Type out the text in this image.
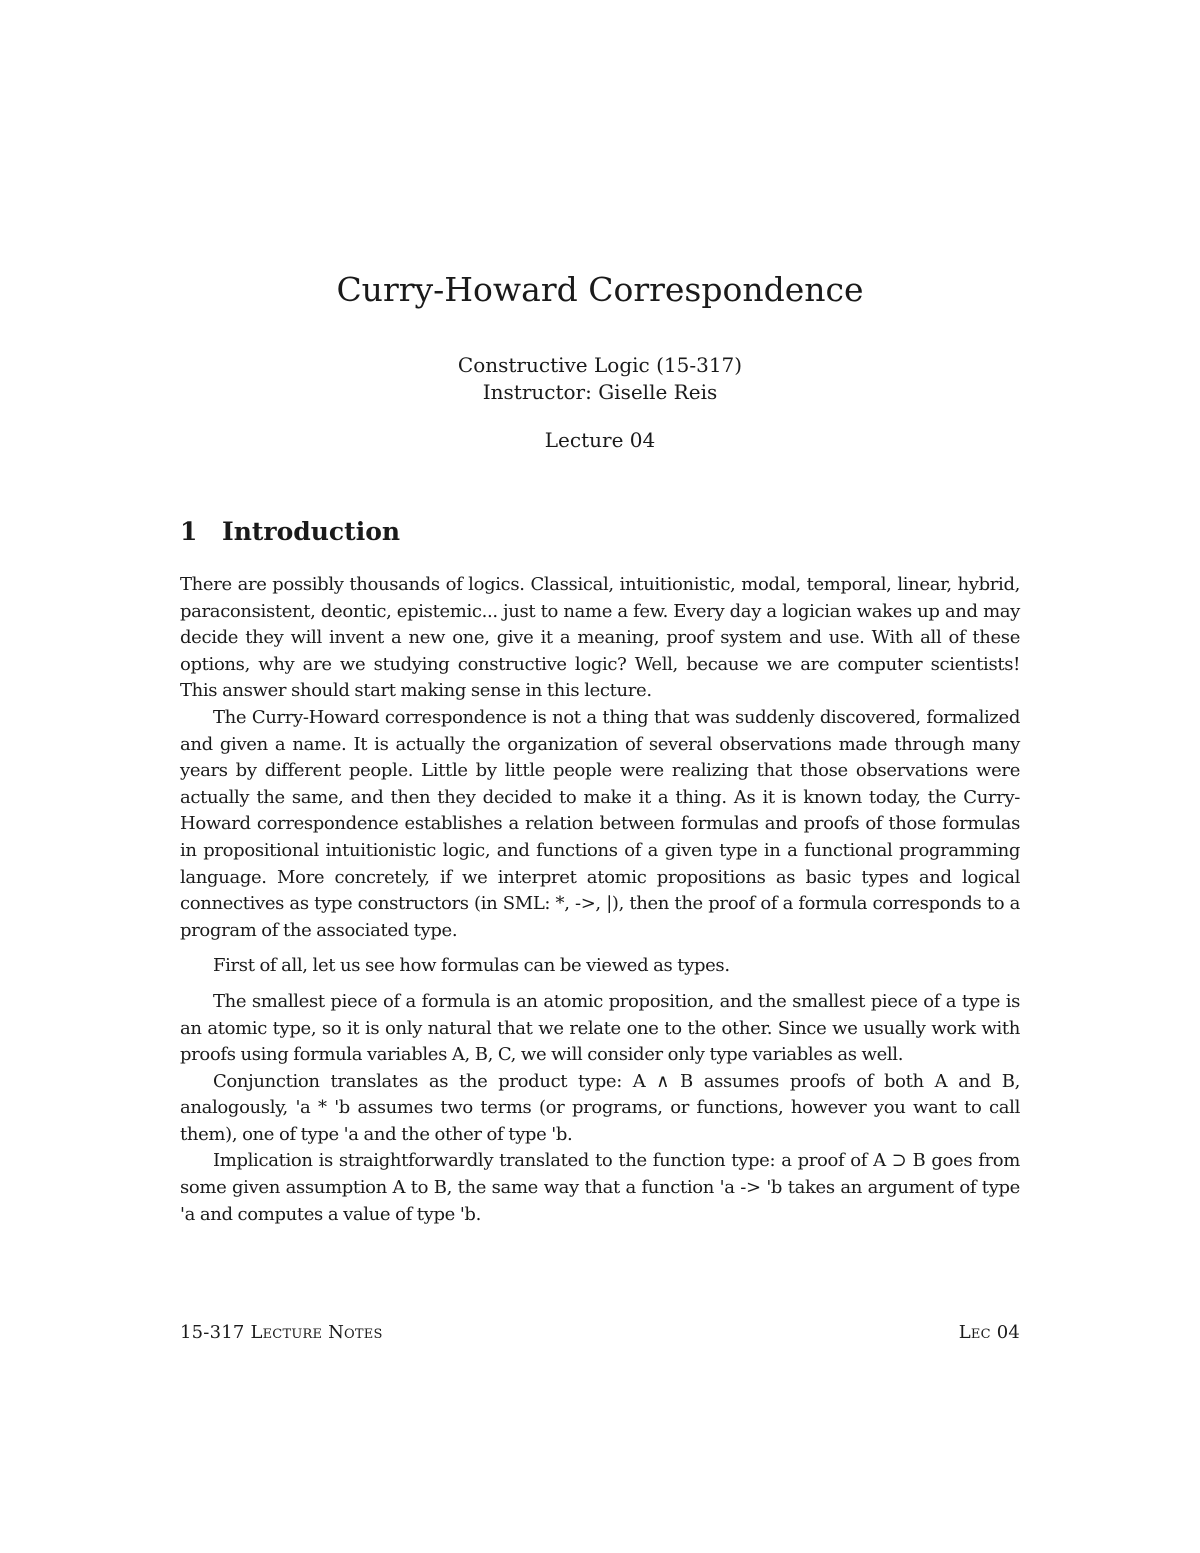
Curry-Howard Correspondence
Constructive Logic (15-317)
Instructor: Giselle Reis
Lecture 04
1 Introduction

There are possibly thousands of logics. Classical, intuitionistic, modal, temporal, linear, hybrid, paraconsistent, deontic, epistemic... just to name a few. Every day a logician wakes up and may decide they will invent a new one, give it a meaning, proof system and use. With all of these options, why are we studying constructive logic? Well, because we are computer scientists! This answer should start making sense in this lecture.

The Curry-Howard correspondence is not a thing that was suddenly discovered, formalized and given a name. It is actually the organization of several observations made through many years by different people. Little by little people were realizing that those observations were actually the same, and then they decided to make it a thing. As it is known today, the Curry-Howard correspondence establishes a relation between formulas and proofs of those formulas in propositional intuitionistic logic, and functions of a given type in a functional programming language. More concretely, if we interpret atomic propositions as basic types and logical connectives as type constructors (in SML: *, ->, |), then the proof of a formula corresponds to a program of the associated type.

First of all, let us see how formulas can be viewed as types.

The smallest piece of a formula is an atomic proposition, and the smallest piece of a type is an atomic type, so it is only natural that we relate one to the other. Since we usually work with proofs using formula variables A, B, C, we will consider only type variables as well.

Conjunction translates as the product type: A ∧ B assumes proofs of both A and B, analogously, 'a * 'b assumes two terms (or programs, or functions, however you want to call them), one of type 'a and the other of type 'b.

Implication is straightforwardly translated to the function type: a proof of A ⊃ B goes from some given assumption A to B, the same way that a function 'a -> 'b takes an argument of type 'a and computes a value of type 'b.

15-317 Lecture Notes	Lec 04
